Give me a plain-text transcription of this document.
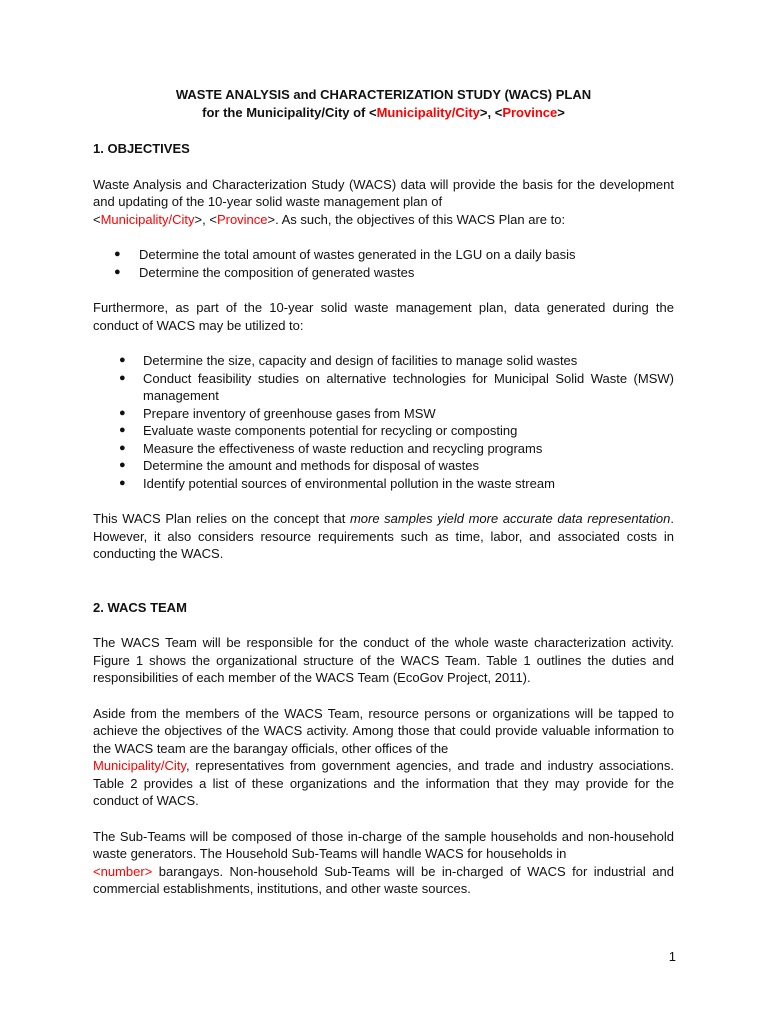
WASTE ANALYSIS and CHARACTERIZATION STUDY (WACS) PLAN

for the Municipality/City of <Municipality/City>, <Province>

1. OBJECTIVES

Waste Analysis and Characterization Study (WACS) data will provide the basis for the development and updating of the 10-year solid waste management plan of
<Municipality/City>, <Province>. As such, the objectives of this WACS Plan are to:

● Determine the total amount of wastes generated in the LGU on a daily basis
● Determine the composition of generated wastes

Furthermore, as part of the 10-year solid waste management plan, data generated during the conduct of WACS may be utilized to:

● Determine the size, capacity and design of facilities to manage solid wastes
● Conduct feasibility studies on alternative technologies for Municipal Solid Waste (MSW) management
● Prepare inventory of greenhouse gases from MSW
● Evaluate waste components potential for recycling or composting
● Measure the effectiveness of waste reduction and recycling programs
● Determine the amount and methods for disposal of wastes
● Identify potential sources of environmental pollution in the waste stream

This WACS Plan relies on the concept that more samples yield more accurate data representation. However, it also considers resource requirements such as time, labor, and associated costs in conducting the WACS.

2. WACS TEAM

The WACS Team will be responsible for the conduct of the whole waste characterization activity. Figure 1 shows the organizational structure of the WACS Team. Table 1 outlines the duties and responsibilities of each member of the WACS Team (EcoGov Project, 2011).

Aside from the members of the WACS Team, resource persons or organizations will be tapped to achieve the objectives of the WACS activity. Among those that could provide valuable information to the WACS team are the barangay officials, other offices of the
Municipality/City, representatives from government agencies, and trade and industry associations. Table 2 provides a list of these organizations and the information that they may provide for the conduct of WACS.

The Sub-Teams will be composed of those in-charge of the sample households and non-household waste generators. The Household Sub-Teams will handle WACS for households in
<number> barangays. Non-household Sub-Teams will be in-charged of WACS for industrial and commercial establishments, institutions, and other waste sources.

1
